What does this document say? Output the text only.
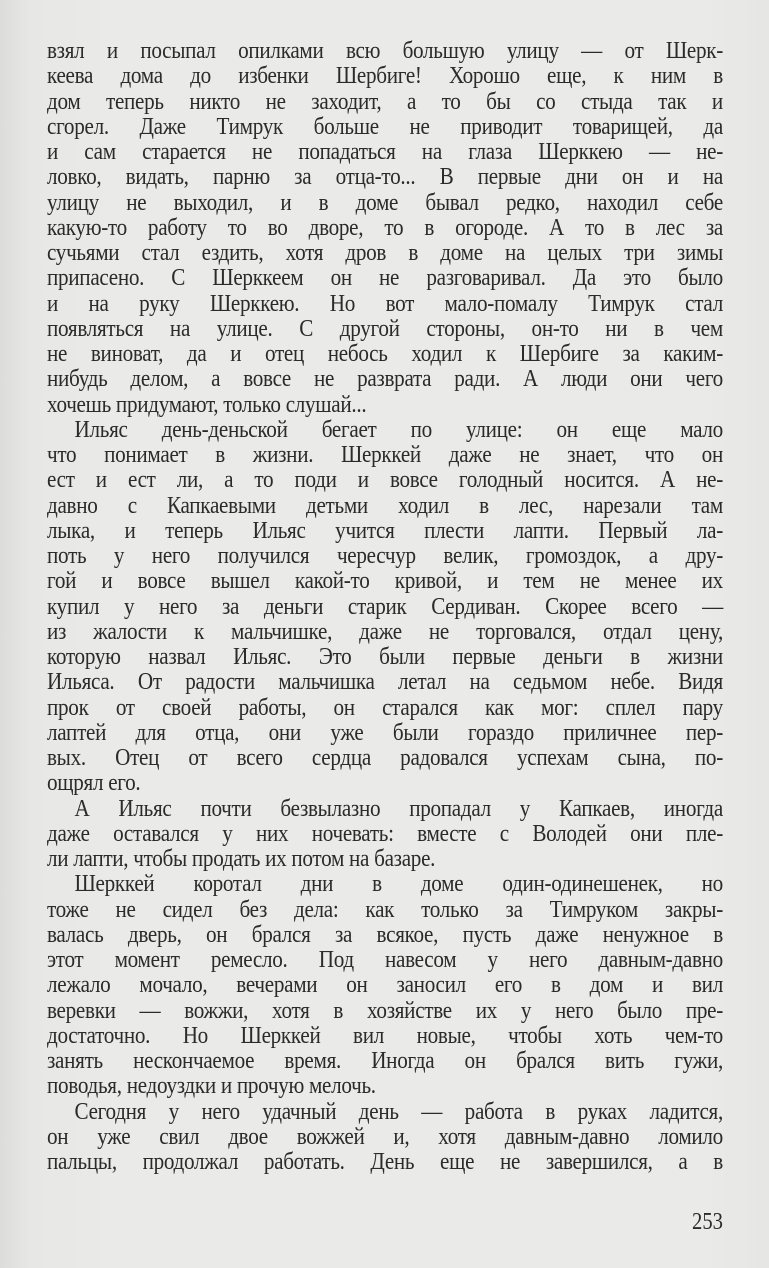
взял и посыпал опилками всю большую улицу — от Шерк-
кеева дома до избенки Шербиге! Хорошо еще, к ним в
дом теперь никто не заходит, а то бы со стыда так и
сгорел. Даже Тимрук больше не приводит товарищей, да
и сам старается не попадаться на глаза Шерккею — не-
ловко, видать, парню за отца-то... В первые дни он и на
улицу не выходил, и в доме бывал редко, находил себе
какую-то работу то во дворе, то в огороде. А то в лес за
сучьями стал ездить, хотя дров в доме на целых три зимы
припасено. С Шерккеем он не разговаривал. Да это было
и на руку Шерккею. Но вот мало-помалу Тимрук стал
появляться на улице. С другой стороны, он-то ни в чем
не виноват, да и отец небось ходил к Шербиге за каким-
нибудь делом, а вовсе не разврата ради. А люди они чего
хочешь придумают, только слушай...
Ильяс день-деньской бегает по улице: он еще мало
что понимает в жизни. Шерккей даже не знает, что он
ест и ест ли, а то поди и вовсе голодный носится. А не-
давно с Капкаевыми детьми ходил в лес, нарезали там
лыка, и теперь Ильяс учится плести лапти. Первый ла-
поть у него получился чересчур велик, громоздок, а дру-
гой и вовсе вышел какой-то кривой, и тем не менее их
купил у него за деньги старик Сердиван. Скорее всего —
из жалости к мальчишке, даже не торговался, отдал цену,
которую назвал Ильяс. Это были первые деньги в жизни
Ильяса. От радости мальчишка летал на седьмом небе. Видя
прок от своей работы, он старался как мог: сплел пару
лаптей для отца, они уже были гораздо приличнее пер-
вых. Отец от всего сердца радовался успехам сына, по-
ощрял его.
А Ильяс почти безвылазно пропадал у Капкаев, иногда
даже оставался у них ночевать: вместе с Володей они пле-
ли лапти, чтобы продать их потом на базаре.
Шерккей коротал дни в доме один-одинешенек, но
тоже не сидел без дела: как только за Тимруком закры-
валась дверь, он брался за всякое, пусть даже ненужное в
этот момент ремесло. Под навесом у него давным-давно
лежало мочало, вечерами он заносил его в дом и вил
веревки — вожжи, хотя в хозяйстве их у него было пре-
достаточно. Но Шерккей вил новые, чтобы хоть чем-то
занять нескончаемое время. Иногда он брался вить гужи,
поводья, недоуздки и прочую мелочь.
Сегодня у него удачный день — работа в руках ладится,
он уже свил двое вожжей и, хотя давным-давно ломило
пальцы, продолжал работать. День еще не завершился, а в
253
